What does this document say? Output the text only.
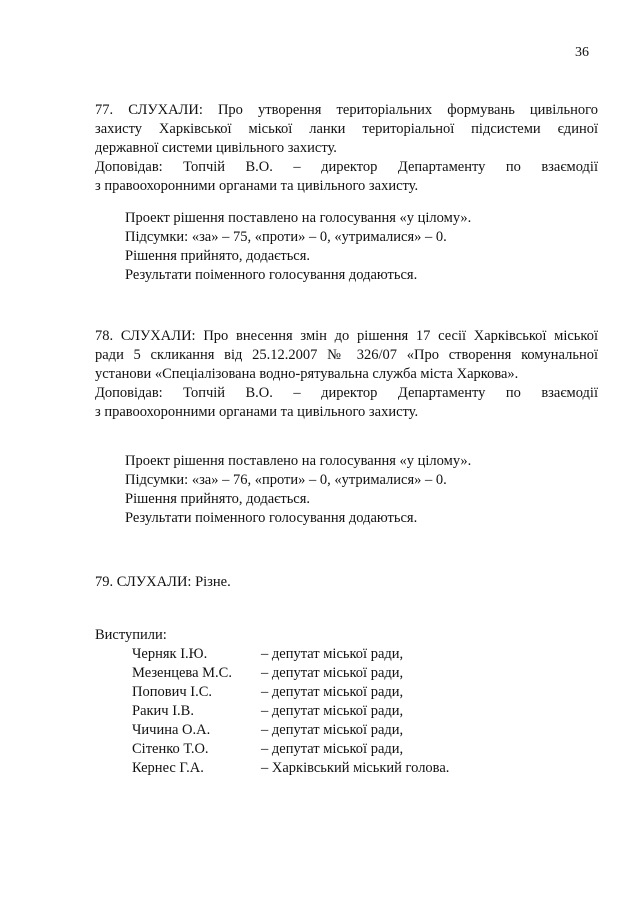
36
77. СЛУХАЛИ: Про утворення територіальних формувань цивільного
захисту Харківської міської ланки територіальної підсистеми єдиної
державної системи цивільного захисту.
Доповідав: Топчій В.О. – директор Департаменту по взаємодії
з правоохоронними органами та цивільного захисту.
Проект рішення поставлено на голосування «у цілому».
Підсумки: «за» – 75, «проти» – 0, «утрималися» – 0.
Рішення прийнято, додається.
Результати поіменного голосування додаються.
78. СЛУХАЛИ: Про внесення змін до рішення 17 сесії Харківської міської
ради 5 скликання від 25.12.2007 № 326/07 «Про створення комунальної
установи «Спеціалізована водно-рятувальна служба міста Харкова».
Доповідав: Топчій В.О. – директор Департаменту по взаємодії
з правоохоронними органами та цивільного захисту.
Проект рішення поставлено на голосування «у цілому».
Підсумки: «за» – 76, «проти» – 0, «утрималися» – 0.
Рішення прийнято, додається.
Результати поіменного голосування додаються.
79. СЛУХАЛИ: Різне.
Виступили:
Черняк І.Ю.	– депутат міської ради,
Мезенцева М.С.	– депутат міської ради,
Попович І.С.	– депутат міської ради,
Ракич І.В.	– депутат міської ради,
Чичина О.А.	– депутат міської ради,
Сітенко Т.О.	– депутат міської ради,
Кернес Г.А.	– Харківський міський голова.
